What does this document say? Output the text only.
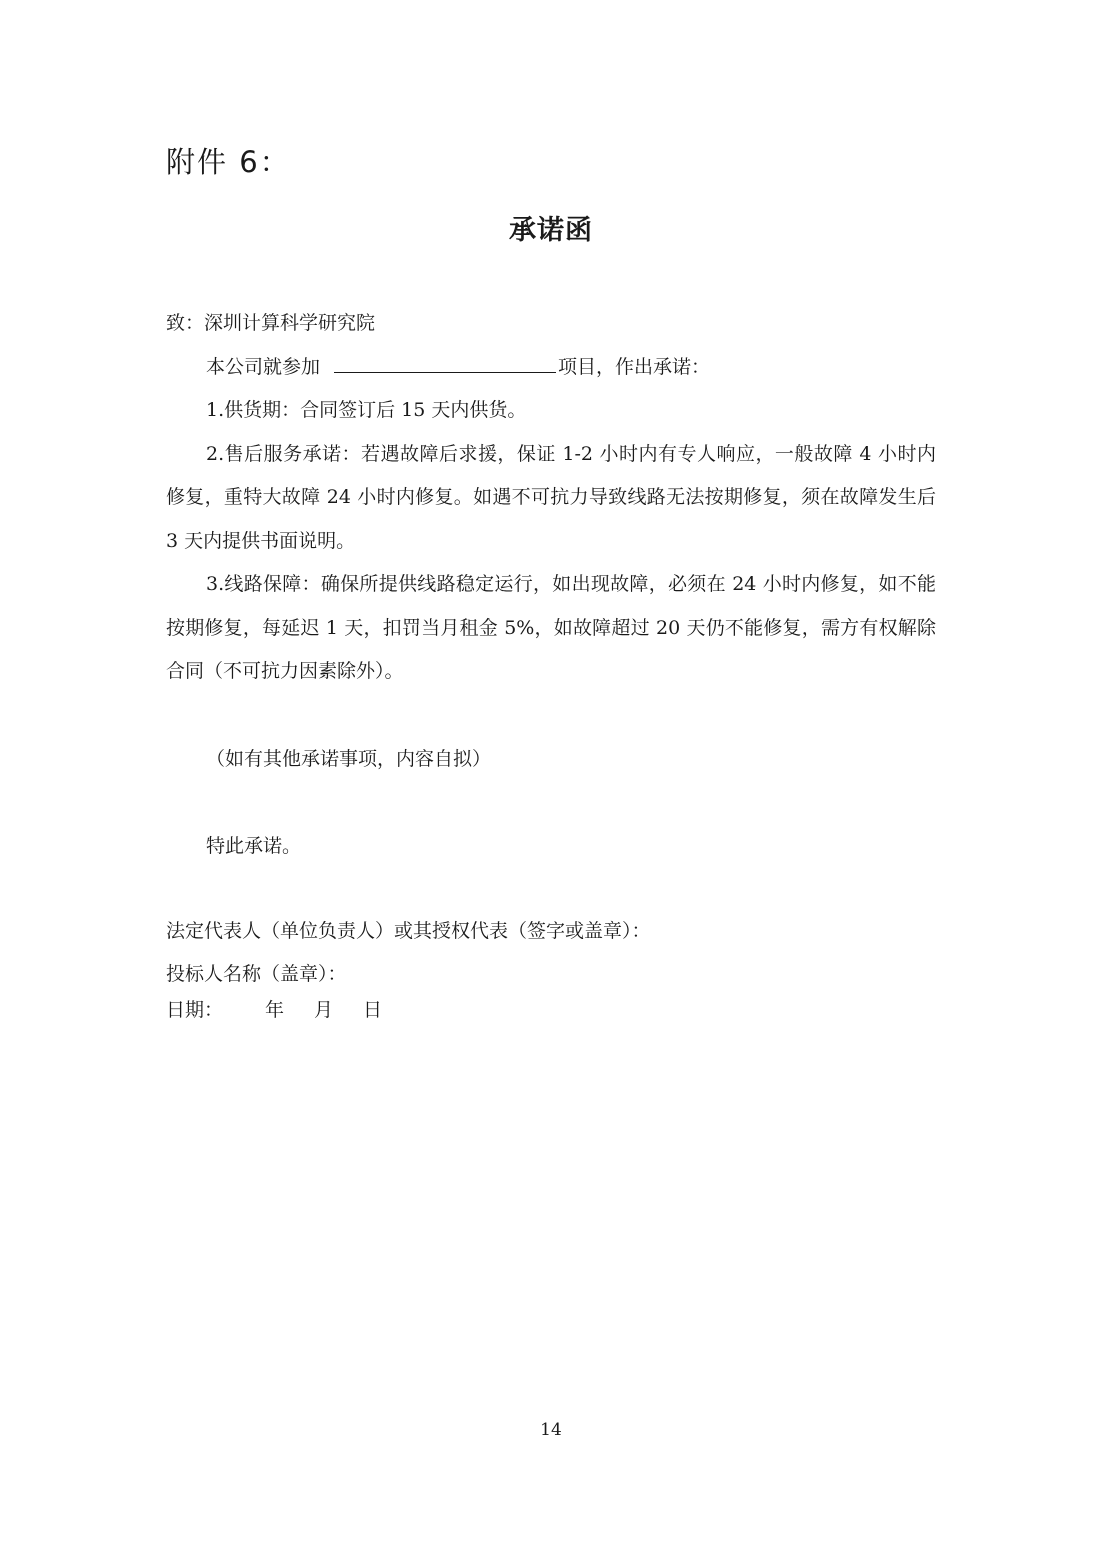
附件 6：
承诺函

致：深圳计算科学研究院

本公司就参加	项目，作出承诺：

1.供货期：合同签订后 15 天内供货。

2.售后服务承诺：若遇故障后求援，保证 1-2 小时内有专人响应，一般故障 4 小时内修复，重特大故障 24 小时内修复。如遇不可抗力导致线路无法按期修复，须在故障发生后 3 天内提供书面说明。

3.线路保障：确保所提供线路稳定运行，如出现故障，必须在 24 小时内修复，如不能按期修复，每延迟 1 天，扣罚当月租金 5%，如故障超过 20 天仍不能修复，需方有权解除合同（不可抗力因素除外）。

（如有其他承诺事项，内容自拟）

特此承诺。

法定代表人（单位负责人）或其授权代表（签字或盖章）：
投标人名称（盖章）：
日期： 年 月 日
14
